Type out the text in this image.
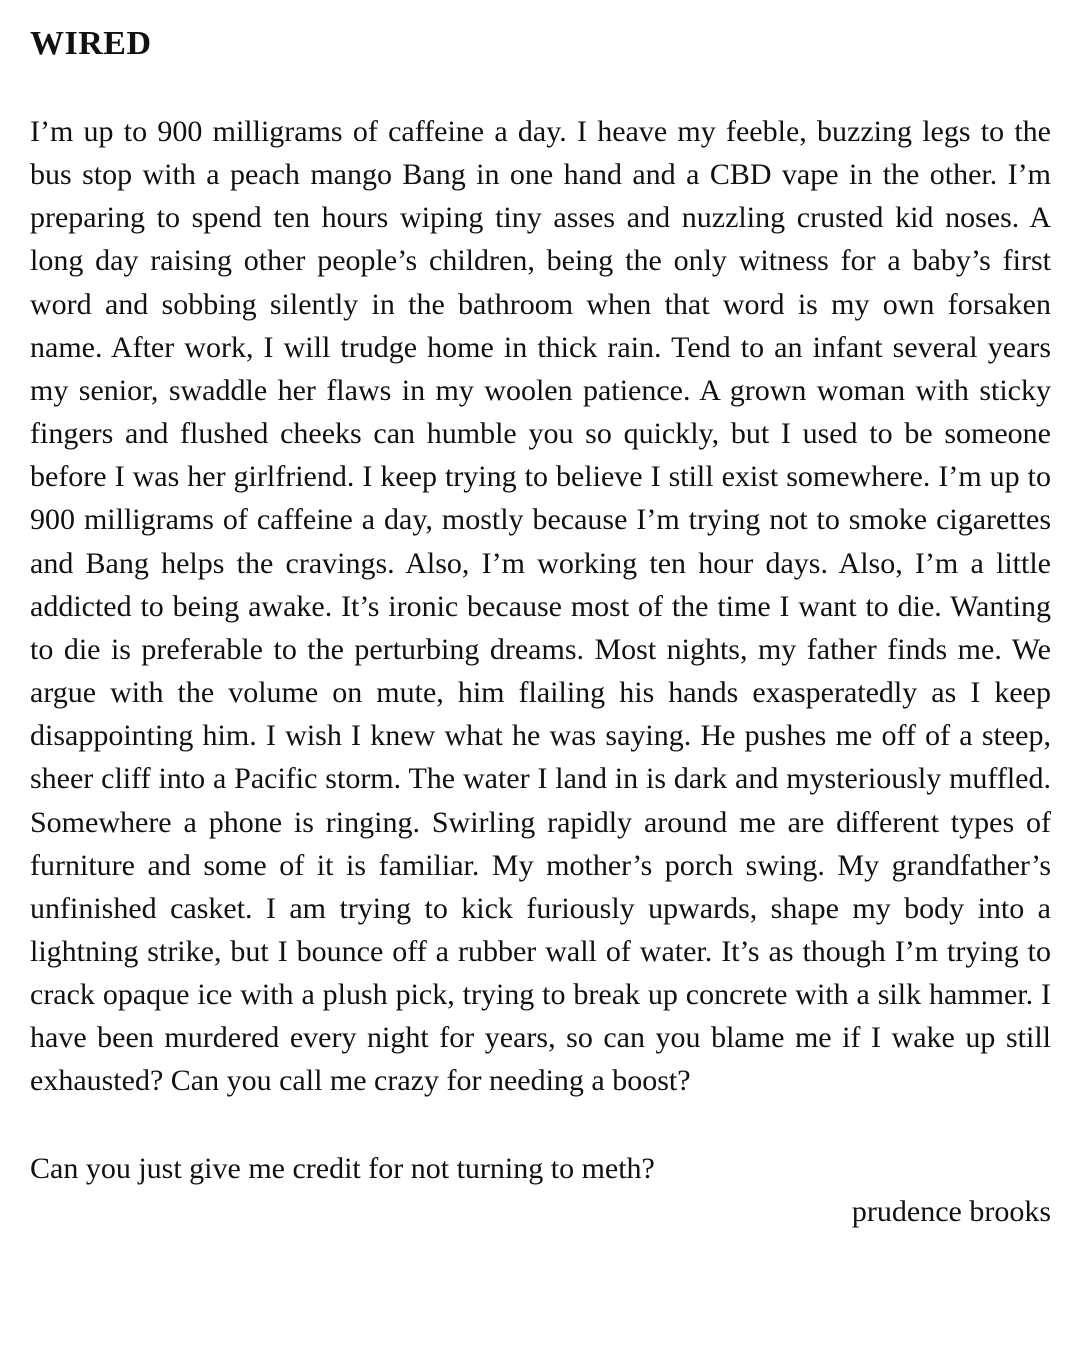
WIRED

I’m up to 900 milligrams of caffeine a day. I heave my feeble, buzzing legs to the bus stop with a peach mango Bang in one hand and a CBD vape in the other. I’m preparing to spend ten hours wiping tiny asses and nuzzling crusted kid noses. A long day raising other people’s children, being the only witness for a baby’s first word and sobbing silently in the bathroom when that word is my own forsaken name. After work, I will trudge home in thick rain. Tend to an infant several years my senior, swaddle her flaws in my woolen patience. A grown woman with sticky fingers and flushed cheeks can humble you so quickly, but I used to be someone before I was her girlfriend. I keep trying to believe I still exist somewhere. I’m up to 900 milligrams of caffeine a day, mostly because I’m trying not to smoke cigarettes and Bang helps the cravings. Also, I’m working ten hour days. Also, I’m a little addicted to being awake. It’s ironic because most of the time I want to die. Wanting to die is preferable to the perturbing dreams. Most nights, my father finds me. We argue with the volume on mute, him flailing his hands exasperatedly as I keep disappointing him. I wish I knew what he was saying. He pushes me off of a steep, sheer cliff into a Pacific storm. The water I land in is dark and mysteriously muffled. Somewhere a phone is ringing. Swirling rapidly around me are different types of furniture and some of it is familiar. My mother’s porch swing. My grandfather’s unfinished casket. I am trying to kick furiously upwards, shape my body into a lightning strike, but I bounce off a rubber wall of water. It’s as though I’m trying to crack opaque ice with a plush pick, trying to break up concrete with a silk hammer. I have been murdered every night for years, so can you blame me if I wake up still exhausted? Can you call me crazy for needing a boost?

Can you just give me credit for not turning to meth?

prudence brooks
